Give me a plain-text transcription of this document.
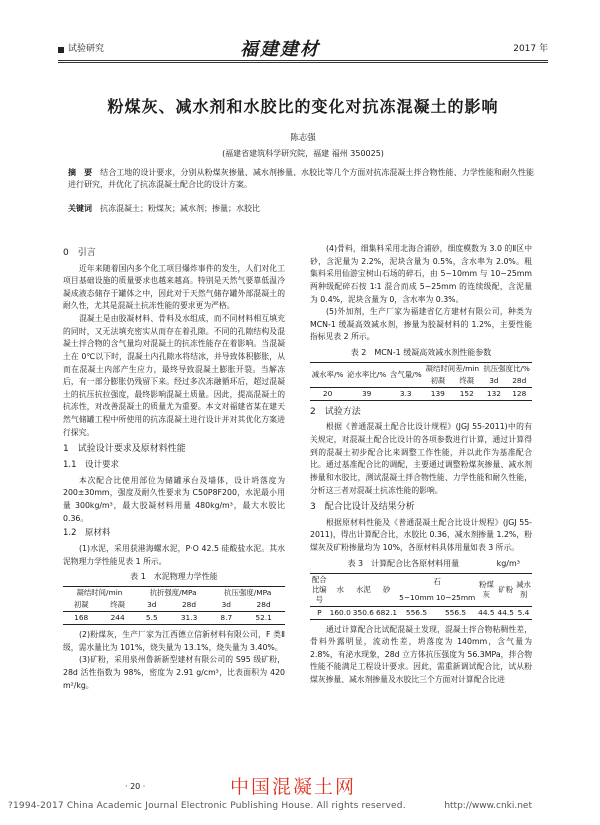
试验研究	福建建材	2017 年
粉煤灰、减水剂和水胶比的变化对抗冻混凝土的影响
陈志强
(福建省建筑科学研究院，福建 福州 350025)

摘　要　 结合工地的设计要求，分别从粉煤灰掺量、减水剂掺量、水胶比等几个方面对抗冻混凝土拌合物性能、力学性能和耐久性能进行研究，并优化了抗冻混凝土配合比的设计方案。

关键词　 抗冻混凝土；粉煤灰；减水剂；掺量；水胶比
0　引言

近年来随着国内多个化工项目爆炸事件的发生，人们对化工项目基础设施的质量要求也越来越高。特别是天然气要靠低温冷凝成液态储存于罐体之中，因此对于天然气储存罐外部混凝土的耐久性，尤其是混凝土抗冻性能的要求更为严格。

混凝土是由胶凝材料、骨料及水组成，而不同材料相互填充的同时，又无法填充密实从而存在着孔隙。不同的孔隙结构及混凝土拌合物的含气量均对混凝土的抗冻性能存在着影响。当混凝土在 0℃以下时，混凝土内孔隙水将结冰，并导致体积膨胀，从而在混凝土内部产生应力，最终导致混凝土膨胀开裂。当解冻后，有一部分膨胀仍残留下来。经过多次冻融循环后，超过混凝土的抗压抗拉强度，最终影响混凝土质量。因此，提高混凝土的抗冻性，对改善混凝土的质量尤为重要。本文对福建省某在建天然气储罐工程中所使用的抗冻混凝土进行设计并对其优化方案进行探究。

1　试验设计要求及原材料性能
1.1　设计要求

本次配合比使用部位为储罐承台及墙体，设计坍落度为 200±30mm，强度及耐久性要求为 C50P8F200，水泥最小用量 300kg/m³，最大胶凝材料用量 480kg/m³，最大水胶比 0.36。

1.2　原材料

(1)水泥，采用获港海螺水泥，P·O 42.5 硅酸盐水泥。其水泥物理力学性能见表 1 所示。

表 1　水泥物理力学性能
凝结时间/min		抗折强度/MPa		抗压强度/MPa	
初凝	终凝	3d	28d	3d	28d
168	244	5.5	31.3	8.7	52.1

(2)粉煤灰，生产厂家为江西德立信新材料有限公司，F 类Ⅱ级，需水量比为 101%，烧失量为 13.1%，烧失量为 3.40%。

(3)矿粉，采用泉州鲁新新型建材有限公司的 S95 级矿粉，28d 活性指数为 98%，密度为 2.91 g/cm³，比表面积为 420 m²/kg。

(4)骨料，细集料采用北海合浦砂，细度模数为 3.0 的Ⅱ区中砂，含泥量为 2.2%，泥块含量为 0.5%，含水率为 2.0%。粗集料采用仙游宝树山石场的碎石，由 5~10mm 与 10~25mm 两种级配碎石按 1∶1 混合而成 5~25mm 的连续级配，含泥量为 0.4%，泥块含量为 0，含水率为 0.3%。

(5)外加剂，生产厂家为福建省亿方建材有限公司，种类为 MCN-1 缓凝高效减水剂，掺量为胶凝材料的 1.2%，主要性能指标见表 2 所示。

表 2　MCN-1 缓凝高效减水剂性能参数
减水率/%	泌水率比/%	含气量/%	凝结时间差/min		抗压强度比/%	
			初凝	终凝	3d	28d
20	39	3.3	139	152	132	128
2　试验方法

根据《普通混凝土配合比设计规程》(JGJ 55-2011)中的有关规定，对混凝土配合比设计的各项参数进行计算，通过计算得到的混凝土初步配合比来调整工作性能，并以此作为基准配合比。通过基准配合比的调配，主要通过调整粉煤灰掺量、减水剂掺量和水胶比，测试混凝土拌合物性能、力学性能和耐久性能，分析这三者对混凝土抗冻性能的影响。

3　配合比设计及结果分析

根据原材料性能及《普通混凝土配合比设计规程》(JGJ 55-2011)，得出计算配合比，水胶比 0.36，减水剂掺量 1.2%，粉煤灰及矿粉掺量均为 10%，各原材料具体用量如表 3 所示。

表 3　计算配合比各原材料用量	kg/m³
配合比编号	水	水泥	砂	石		粉煤灰	矿粉	减水剂
				5~10mm	10~25mm			
P	160.0	350.6	682.1	556.5	556.5	44.5	44.5	5.4

通过计算配合比试配混凝土发现，混凝土拌合物粘稠性差，骨料外露明显，流动性差，坍落度为 140mm，含气量为 2.8%，有泌水现象，28d 立方体抗压强度为 56.3MPa，拌合物性能不能满足工程设计要求。因此，需重新调试配合比，试从粉煤灰掺量、减水剂掺量及水胶比三个方面对计算配合比进

· 20 ·	中国混凝土网
?1994-2017 China Academic Journal Electronic Publishing House. All rights reserved.	http://www.cnki.net
